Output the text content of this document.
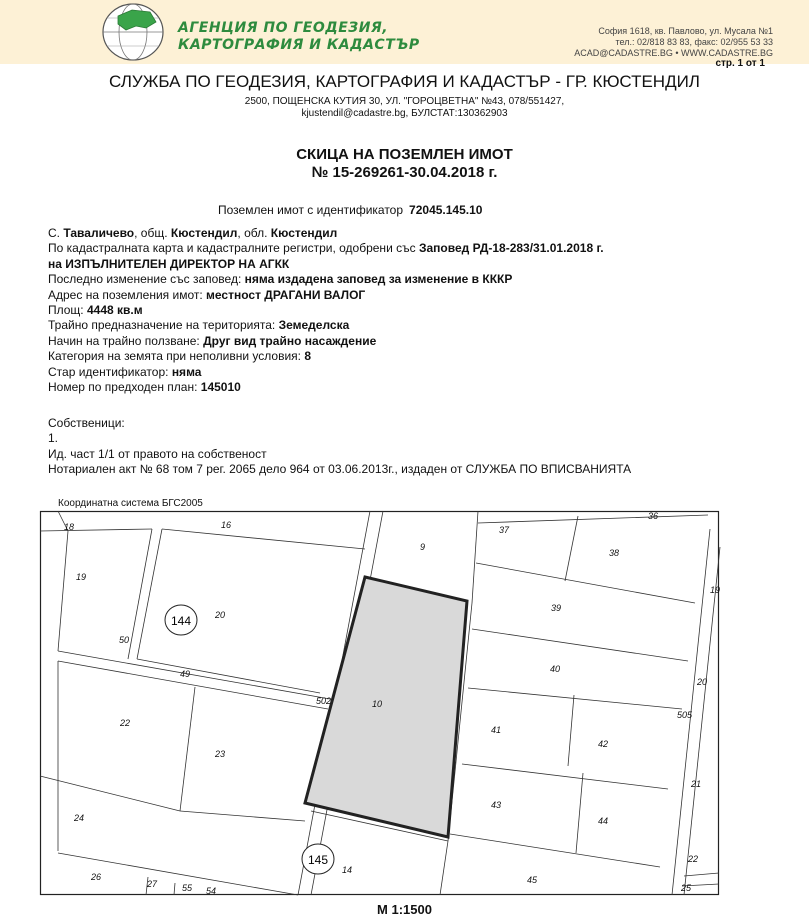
АГЕНЦИЯ ПО ГЕОДЕЗИЯ,
КАРТОГРАФИЯ И КАДАСТЪР
София 1618, кв. Павлово, ул. Мусала №1
тел.: 02/818 83 83, факс: 02/955 53 33
ACAD@CADASTRE.BG • WWW.CADASTRE.BG
стр. 1 от 1
СЛУЖБА ПО ГЕОДЕЗИЯ, КАРТОГРАФИЯ И КАДАСТЪР - ГР. КЮСТЕНДИЛ
2500, ПОЩЕНСКА КУТИЯ 30, УЛ. "ГОРОЦВЕТНА" №43, 078/551427,
kjustendil@cadastre.bg, БУЛСТАТ:130362903
СКИЦА НА ПОЗЕМЛЕН ИМОТ
№ 15-269261-30.04.2018 г.
Поземлен имот с идентификатор 72045.145.10
С. Таваличево, общ. Кюстендил, обл. Кюстендил
По кадастралната карта и кадастралните регистри, одобрени със Заповед РД-18-283/31.01.2018 г.
на ИЗПЪЛНИТЕЛЕН ДИРЕКТОР НА АГКК
Последно изменение със заповед: няма издадена заповед за изменение в КККР
Адрес на поземления имот: местност ДРАГАНИ ВАЛОГ
Площ: 4448 кв.м
Трайно предназначение на територията: Земеделска
Начин на трайно ползване: Друг вид трайно насаждение
Категория на земята при неполивни условия: 8
Стар идентификатор: няма
Номер по предходен план: 145010
Собственици:
1.
Ид. част 1/1 от правото на собственост
Нотариален акт № 68 том 7 рег. 2065 дело 964 от 03.06.2013г., издаден от СЛУЖБА ПО ВПИСВАНИЯТА
Координатна система БГС2005
144
145
18	16
19
20
50
49
22
23
24
26
27	55 54
9
10
502
14
37
38
36
39
40
41
42
43
44
45
20
21
22
25
505
19
М 1:1500
